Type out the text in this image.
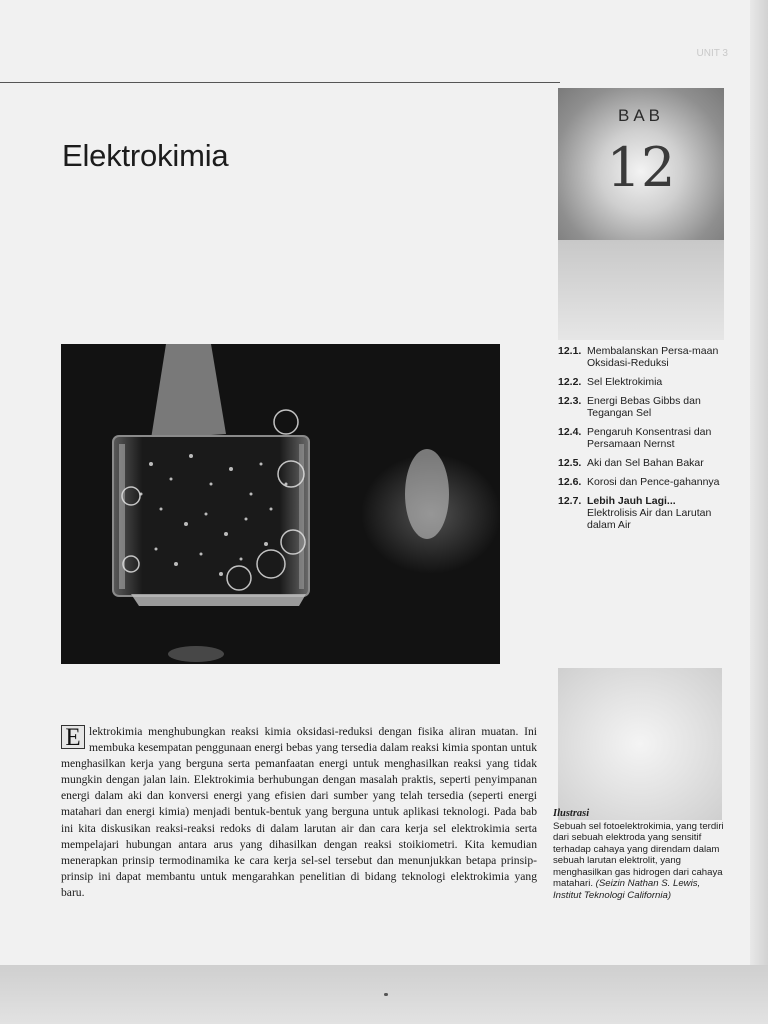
UNIT 3
Elektrokimia
BAB
12
12.1. Membalanskan Persa-maan Oksidasi-Reduksi
12.2. Sel Elektrokimia
12.3. Energi Bebas Gibbs dan Tegangan Sel
12.4. Pengaruh Konsentrasi dan Persamaan Nernst
12.5. Aki dan Sel Bahan Bakar
12.6. Korosi dan Pence-gahannya
12.7. Lebih Jauh Lagi...
Elektrolisis Air dan Larutan dalam Air
Ilustrasi
Sebuah sel fotoelektrokimia, yang terdiri dari sebuah elektroda yang sensitif terhadap cahaya yang direndam dalam sebuah larutan elektrolit, yang menghasilkan gas hidrogen dari cahaya matahari. (Seizin Nathan S. Lewis, Institut Teknologi California)

E lektrokimia menghubungkan reaksi kimia oksidasi-reduksi dengan fisika aliran muatan. Ini membuka kesempatan penggunaan energi bebas yang tersedia dalam reaksi kimia spontan untuk menghasilkan kerja yang berguna serta pemanfaatan energi untuk menghasilkan reaksi yang tidak mungkin dengan jalan lain. Elektrokimia berhubungan dengan masalah praktis, seperti penyimpanan energi dalam aki dan konversi energi yang efisien dari sumber yang telah tersedia (seperti energi matahari dan energi kimia) menjadi bentuk-bentuk yang berguna untuk aplikasi teknologi. Pada bab ini kita diskusikan reaksi-reaksi redoks di dalam larutan air dan cara kerja sel elektrokimia serta mempelajari hubungan antara arus yang dihasilkan dengan reaksi stoikiometri. Kita kemudian menerapkan prinsip termodinamika ke cara kerja sel-sel tersebut dan menunjukkan betapa prinsip-prinsip ini dapat membantu untuk mengarahkan penelitian di bidang teknologi elektrokimia yang baru.
